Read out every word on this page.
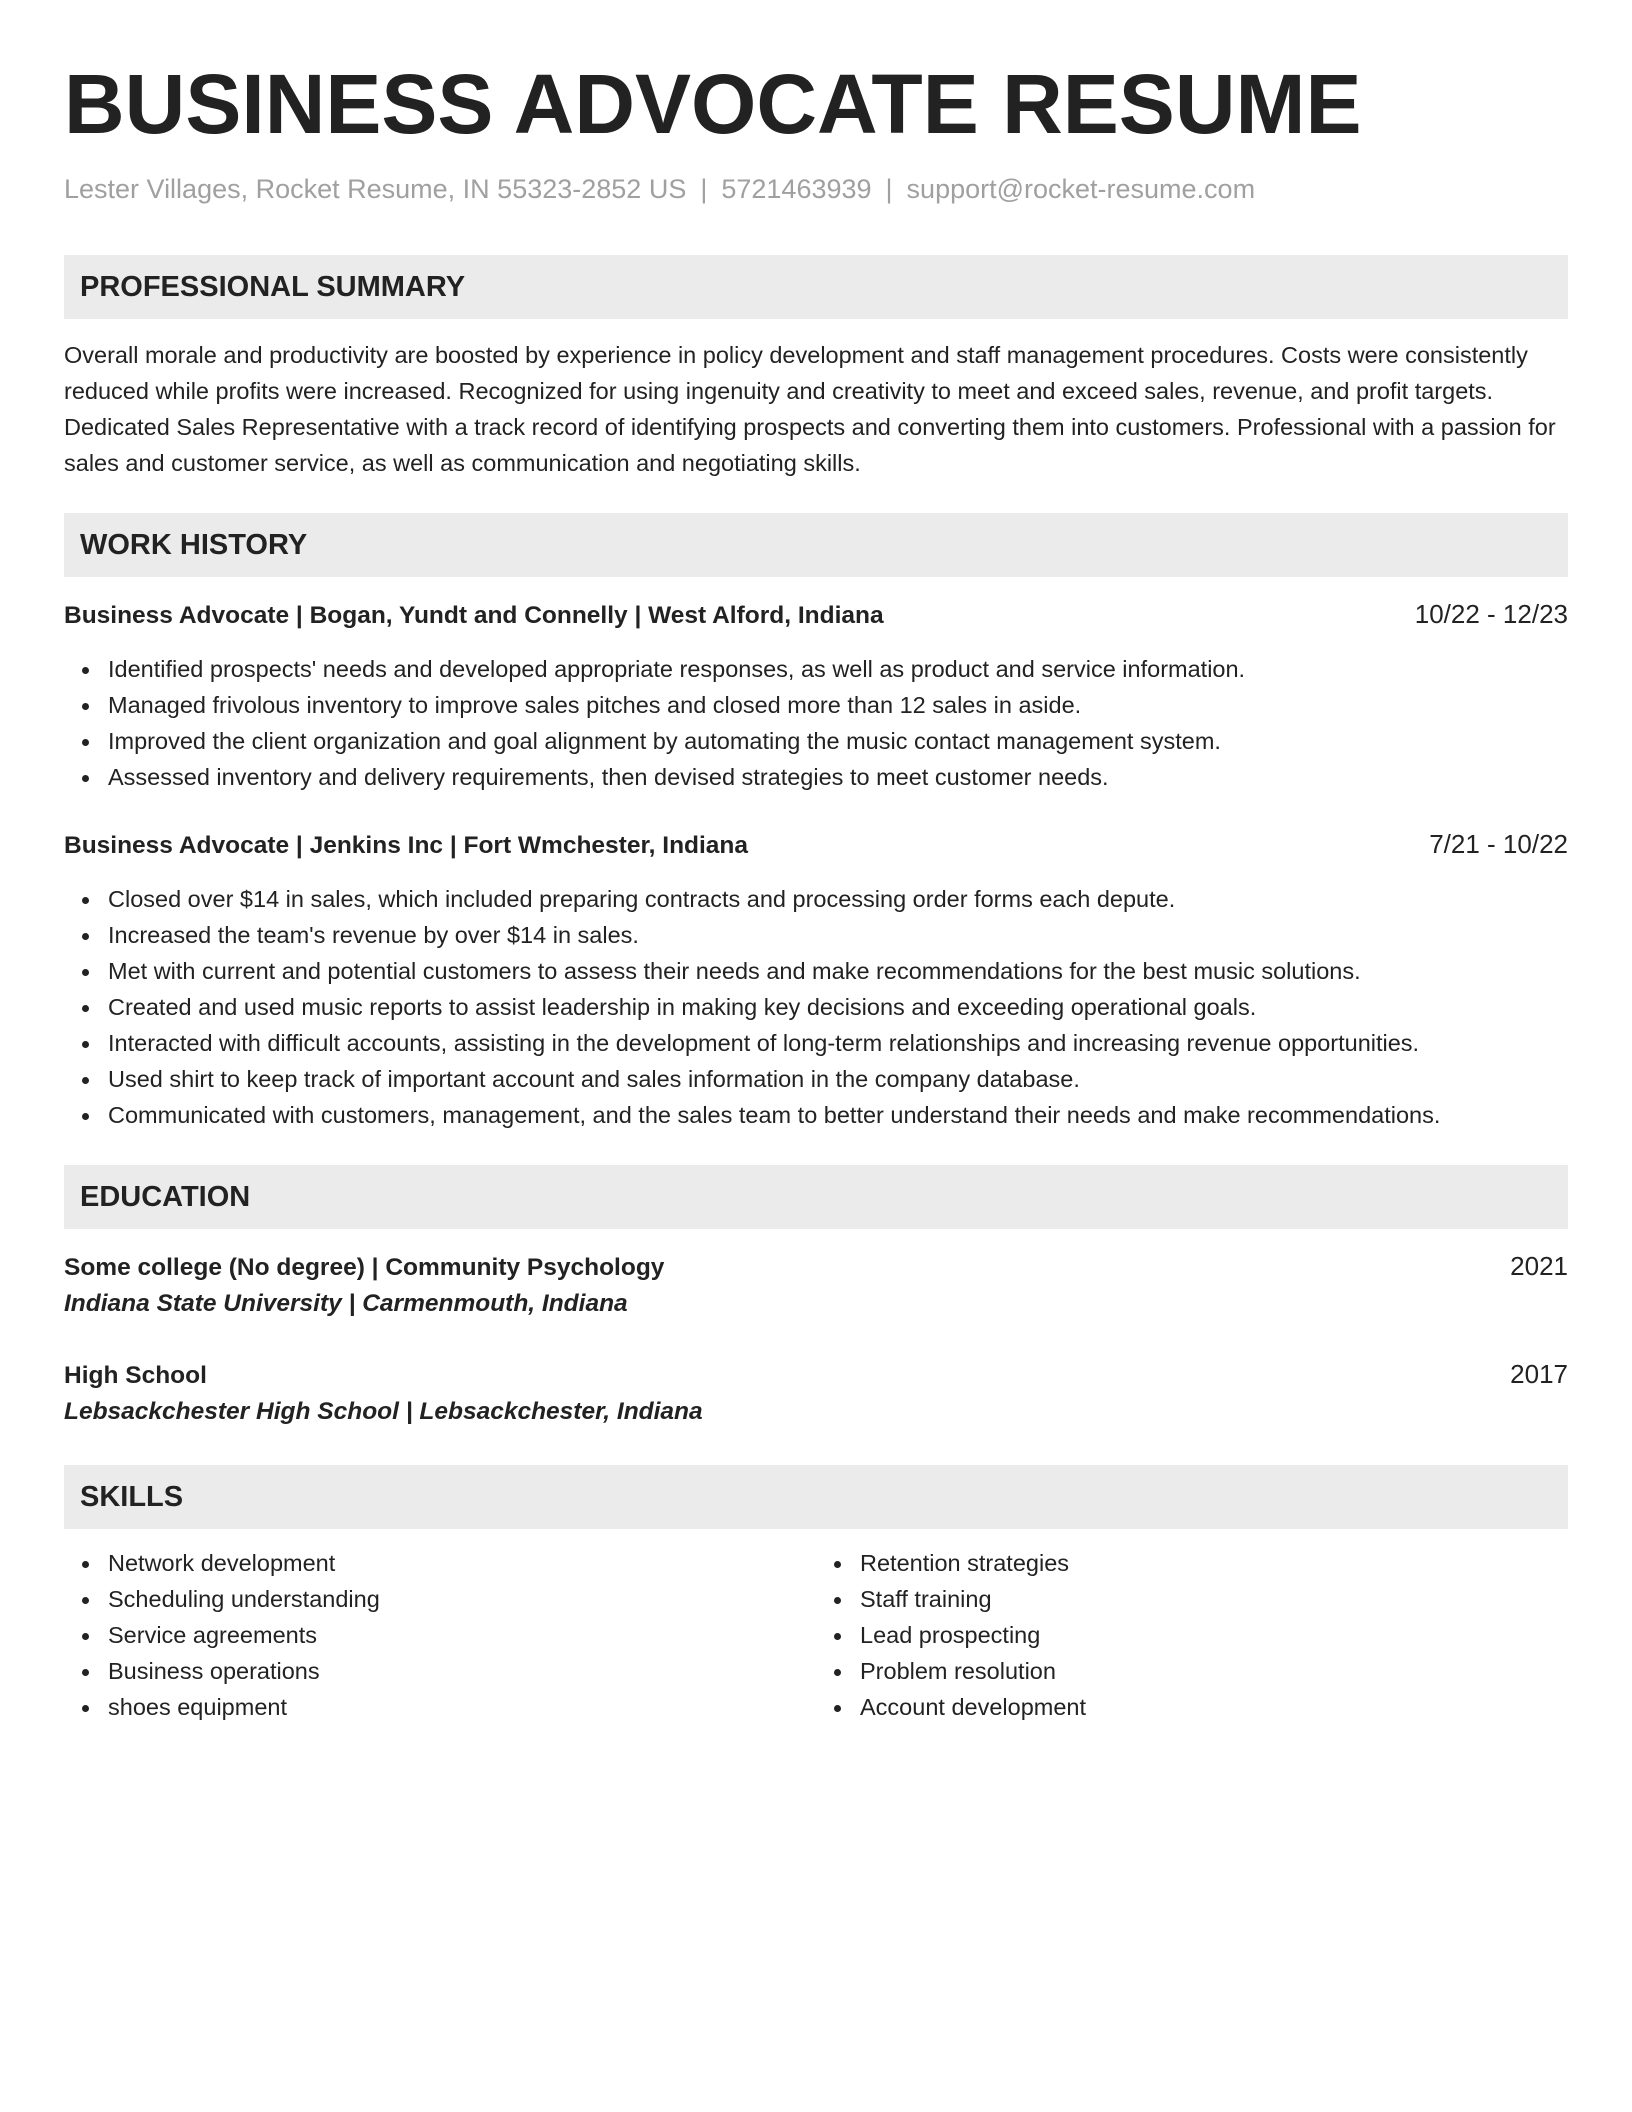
BUSINESS ADVOCATE RESUME
Lester Villages, Rocket Resume, IN 55323-2852 US | 5721463939 | support@rocket-resume.com
PROFESSIONAL SUMMARY

Overall morale and productivity are boosted by experience in policy development and staff management procedures. Costs were consistently reduced while profits were increased. Recognized for using ingenuity and creativity to meet and exceed sales, revenue, and profit targets. Dedicated Sales Representative with a track record of identifying prospects and converting them into customers. Professional with a passion for sales and customer service, as well as communication and negotiating skills.

WORK HISTORY
Business Advocate | Bogan, Yundt and Connelly | West Alford, Indiana	10/22 - 12/23
Identified prospects' needs and developed appropriate responses, as well as product and service information.
Managed frivolous inventory to improve sales pitches and closed more than 12 sales in aside.
Improved the client organization and goal alignment by automating the music contact management system.
Assessed inventory and delivery requirements, then devised strategies to meet customer needs.
Business Advocate | Jenkins Inc | Fort Wmchester, Indiana	7/21 - 10/22
Closed over $14 in sales, which included preparing contracts and processing order forms each depute.
Increased the team's revenue by over $14 in sales.
Met with current and potential customers to assess their needs and make recommendations for the best music solutions.
Created and used music reports to assist leadership in making key decisions and exceeding operational goals.
Interacted with difficult accounts, assisting in the development of long-term relationships and increasing revenue opportunities.
Used shirt to keep track of important account and sales information in the company database.
Communicated with customers, management, and the sales team to better understand their needs and make recommendations.
EDUCATION
Some college (No degree) | Community Psychology	2021
Indiana State University | Carmenmouth, Indiana
High School	2017
Lebsackchester High School | Lebsackchester, Indiana
SKILLS
Network development
Scheduling understanding
Service agreements
Business operations
shoes equipment
Retention strategies
Staff training
Lead prospecting
Problem resolution
Account development
